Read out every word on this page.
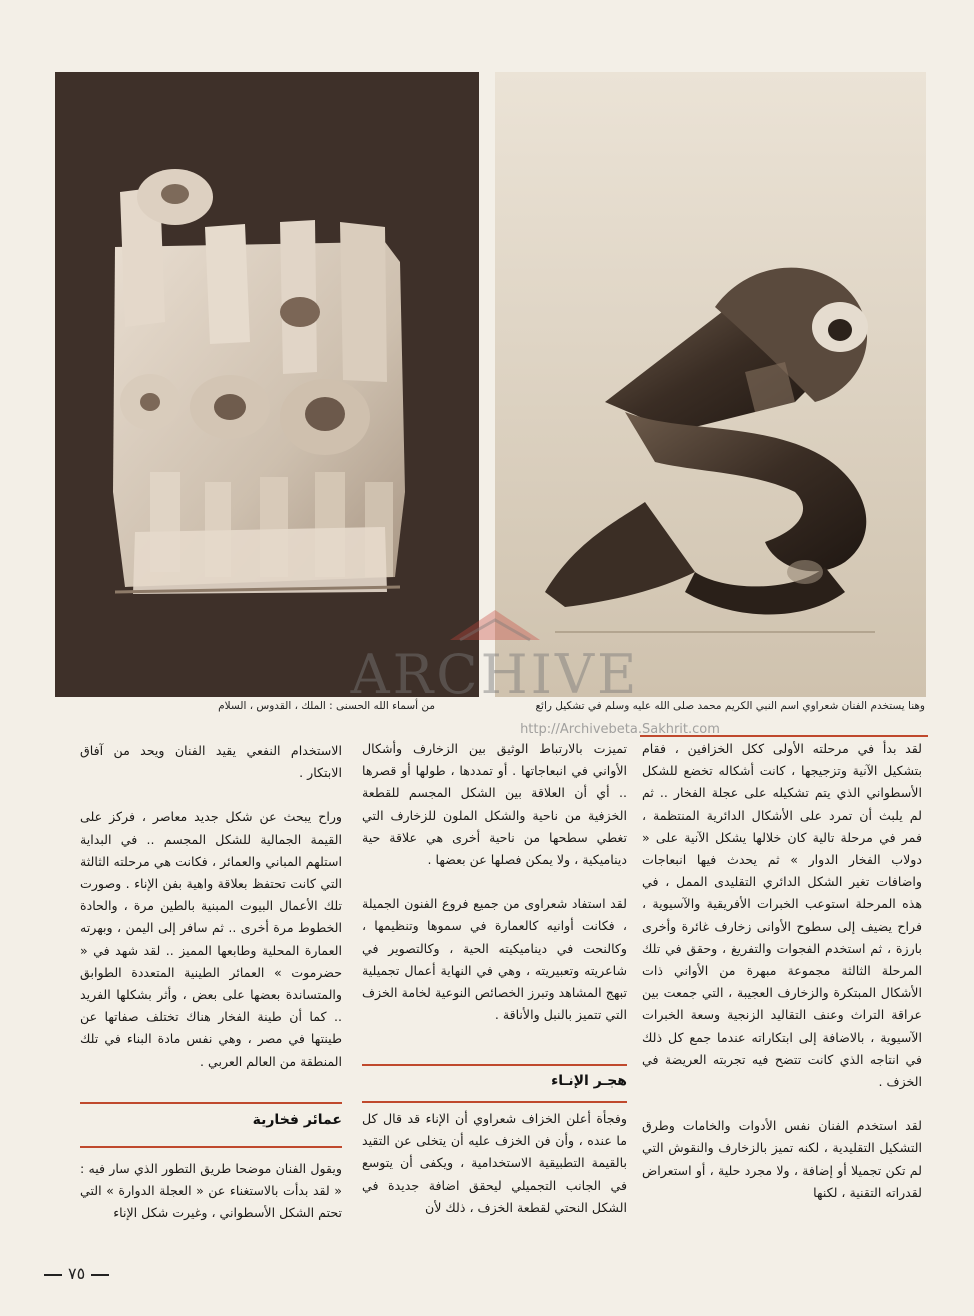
وهنا يستخدم الفنان شعراوي اسم النبي الكريم محمد صلى الله عليه وسلم في تشكيل رائع
من أسماء الله الحسنى : الملك ، القدوس ، السلام

لقد بدأ في مرحلته الأولى ككل الخزافين ، فقام بتشكيل الآنية وتزجيجها ، كانت أشكاله تخضع للشكل الأسطواني الذي يتم تشكيله على عجلة الفخار .. ثم لم يلبث أن تمرد على الأشكال الدائرية المنتظمة ، فمر في مرحلة تالية كان خلالها يشكل الآنية على « دولاب الفخار الدوار » ثم يحدث فيها انبعاجات واضافات تغير الشكل الدائري التقليدى الممل ، في هذه المرحلة استوعب الخبرات الأفريقية والآسيوية ، فراح يضيف إلى سطوح الأوانى زخارف غائرة وأخرى بارزة ، ثم استخدم الفجوات والتفريغ ، وحقق في تلك المرحلة الثالثة مجموعة مبهرة من الأواني ذات الأشكال المبتكرة والزخارف العجيبة ، التي جمعت بين عراقة التراث وعنف التقاليد الزنجية وسعة الخبرات الآسيوية ، بالاضافة إلى ابتكاراته عندما جمع كل ذلك في انتاجه الذي كانت تتضح فيه تجربته العريضة في الخزف .

لقد استخدم الفنان نفس الأدوات والخامات وطرق التشكيل التقليدية ، لكنه تميز بالزخارف والنقوش التي لم تكن تجميلا أو إضافة ، ولا مجرد حلية ، أو استعراض لقدراته التقنية ، لكنها

تميزت بالارتباط الوثيق بين الزخارف وأشكال الأواني في انبعاجاتها . أو تمددها ، طولها أو قصرها .. أي أن العلاقة بين الشكل المجسم للقطعة الخزفية من ناحية والشكل الملون للزخارف التي تغطي سطحها من ناحية أخرى هي علاقة حية ديناميكية ، ولا يمكن فصلها عن بعضها .

لقد استفاد شعراوى من جميع فروع الفنون الجميلة ، فكانت أوانيه كالعمارة في سموها وتنظيمها ، وكالنحت في ديناميكيته الحية ، وكالتصوير في شاعريته وتعبيريته ، وهي في النهاية أعمال تجميلية تبهج المشاهد وتبرز الخصائص النوعية لخامة الخزف التي تتميز بالنبل والأناقة .

هجـر الإنـاء

وفجأة أعلن الخزاف شعراوي أن الإناء قد قال كل ما عنده ، وأن فن الخزف عليه أن يتخلى عن التقيد بالقيمة التطبيقية الاستخدامية ، ويكفى أن يتوسع في الجانب التجميلي ليحقق اضافة جديدة في الشكل النحتي لقطعة الخزف ، ذلك لأن

الاستخدام النفعي يقيد الفنان ويحد من آفاق الابتكار .

وراح يبحث عن شكل جديد معاصر ، فركز على القيمة الجمالية للشكل المجسم .. في البداية استلهم المباني والعمائر ، فكانت هي مرحلته الثالثة التي كانت تحتفظ بعلاقة واهية بفن الإناء . وصورت تلك الأعمال البيوت المبنية بالطين مرة ، والحادة الخطوط مرة أخرى .. ثم سافر إلى اليمن ، وبهرته العمارة المحلية وطابعها المميز .. لقد شهد في « حضرموت » العمائر الطينية المتعددة الطوابق والمتساندة بعضها على بعض ، وأثر بشكلها الفريد .. كما أن طينة الفخار هناك تختلف صفاتها عن طينتها في مصر ، وهي نفس مادة البناء في تلك المنطقة من العالم العربي .

عمائر فخارية

ويقول الفنان موضحا طريق التطور الذي سار فيه : « لقد بدأت بالاستغناء عن « العجلة الدوارة » التي تحتم الشكل الأسطواني ، وغيرت شكل الإناء

ARCHIVE
http://Archivebeta.Sakhrit.com
٧٥
